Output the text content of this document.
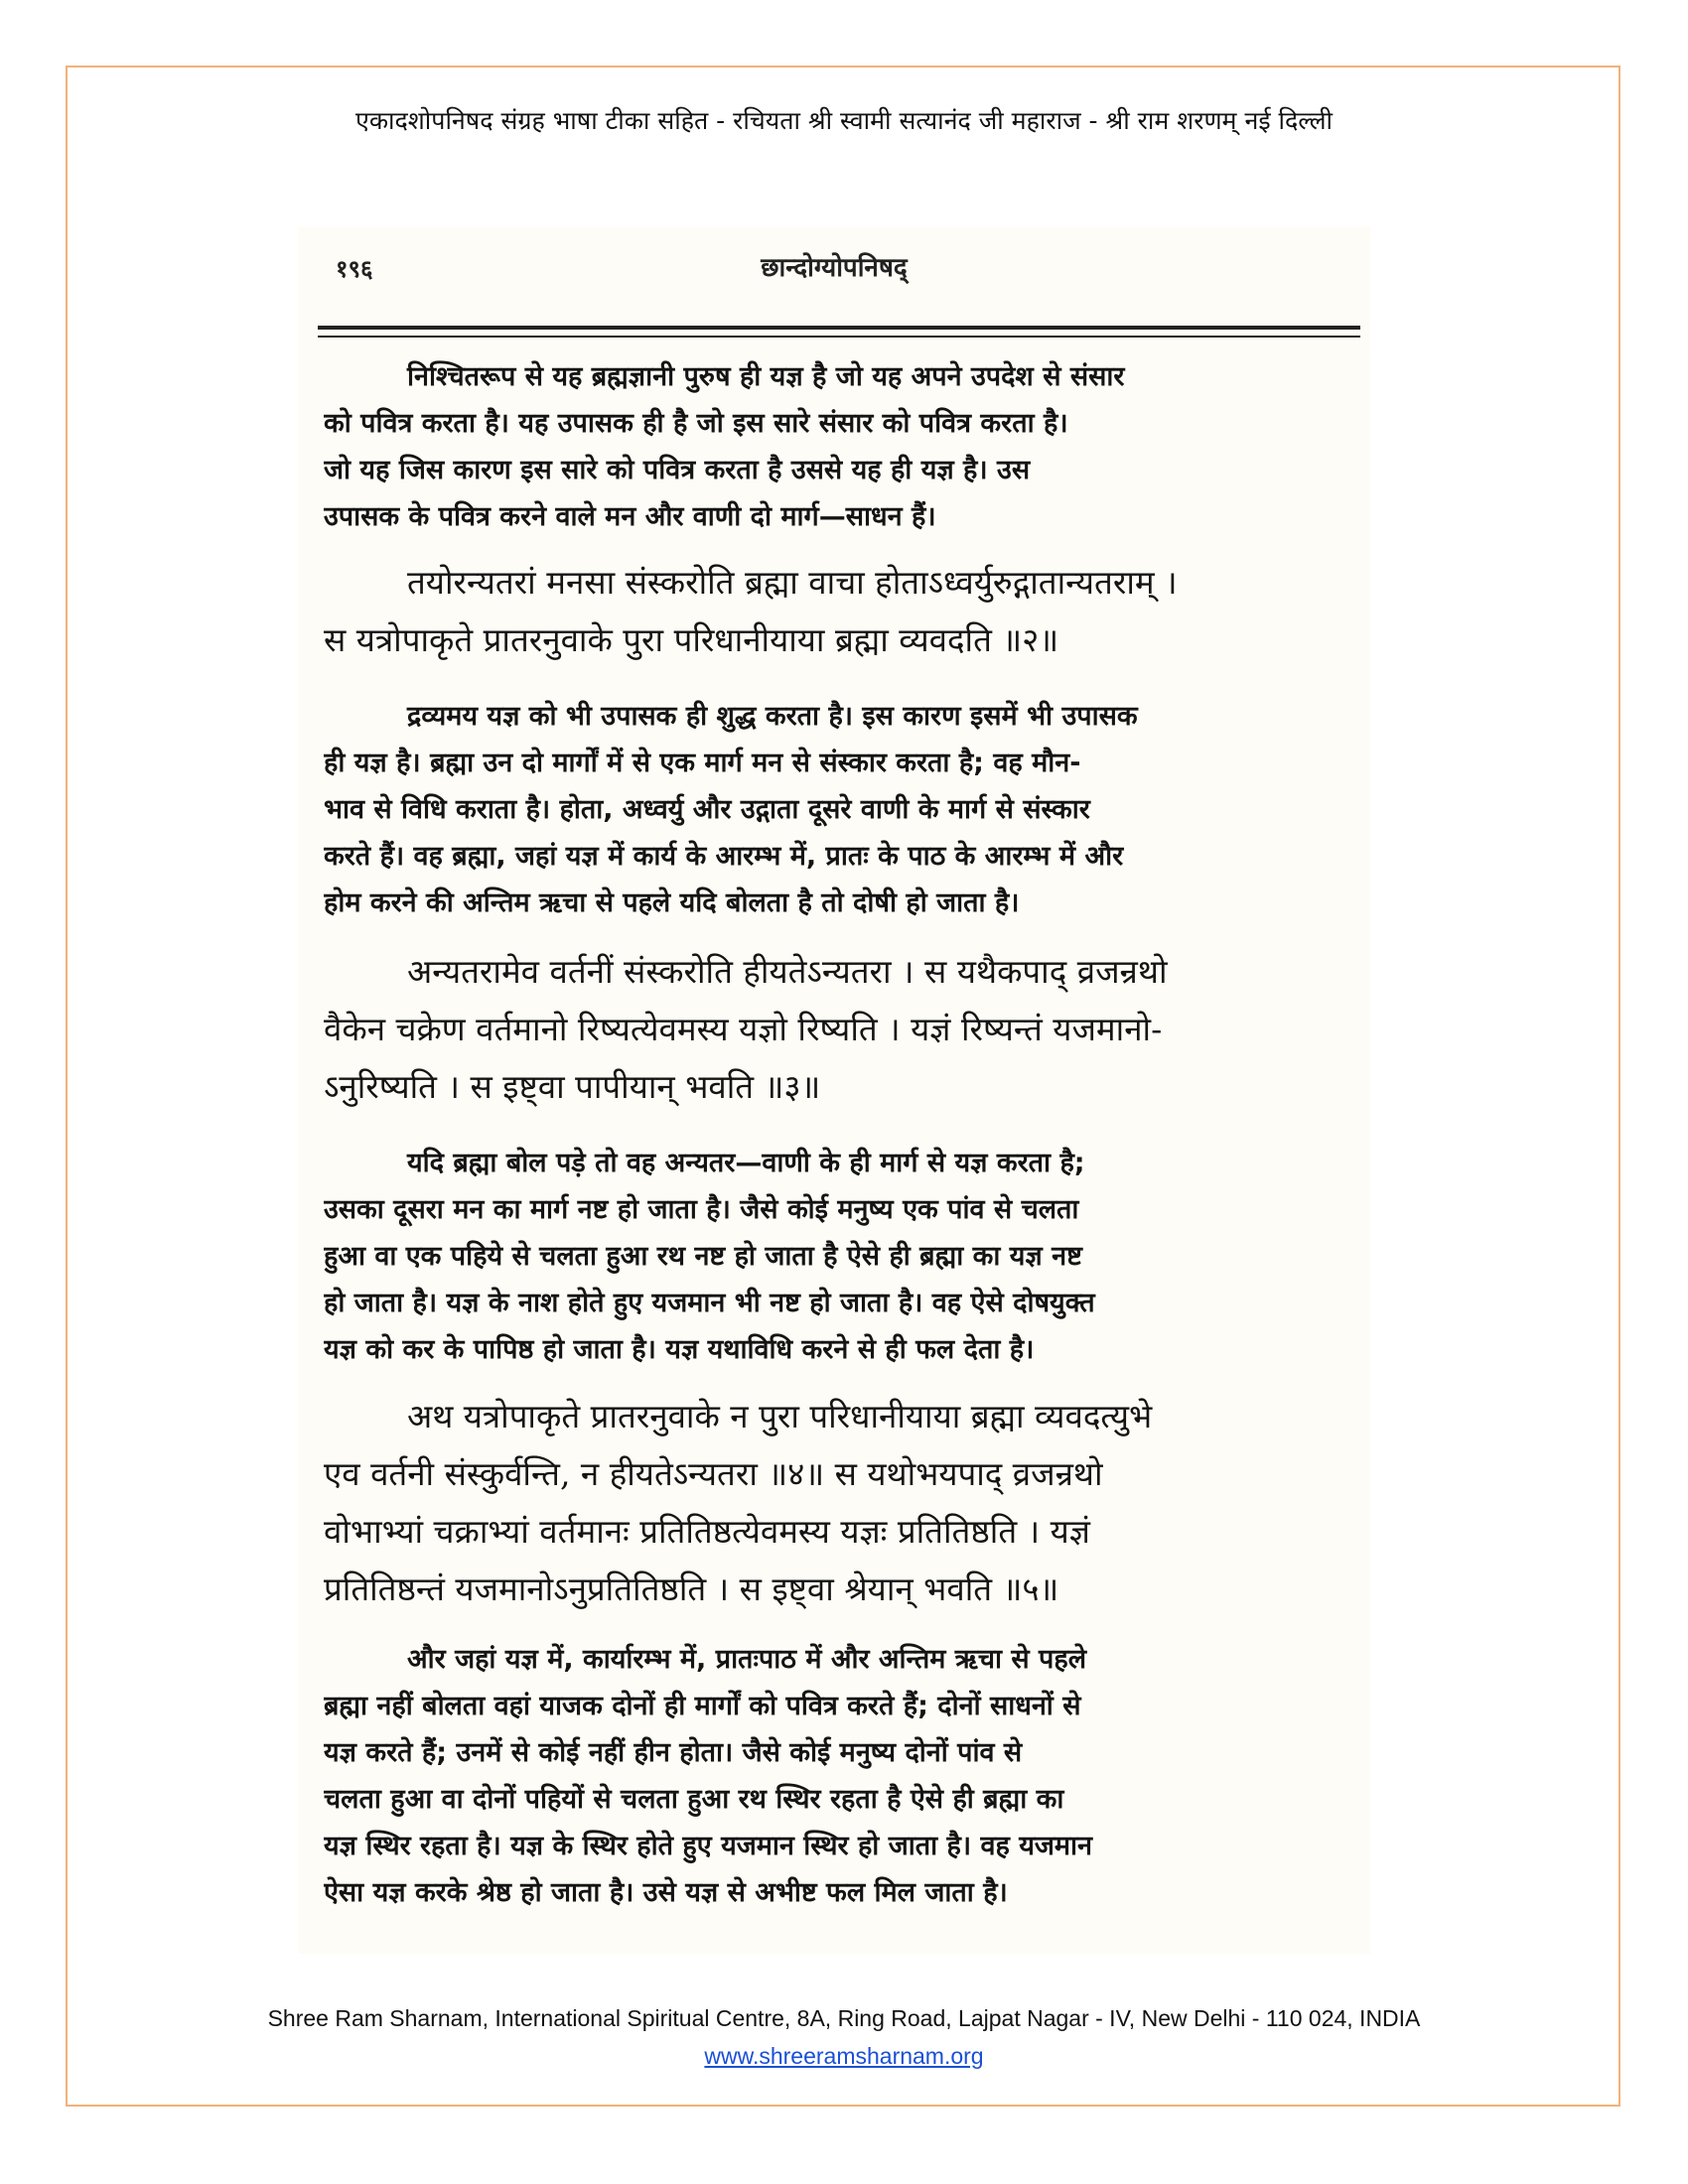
एकादशोपनिषद संग्रह भाषा टीका सहित - रचियता श्री स्वामी सत्यानंद जी महाराज - श्री राम शरणम् नई दिल्ली
१९६	छान्दोग्योपनिषद्
निश्चितरूप से यह ब्रह्मज्ञानी पुरुष ही यज्ञ है जो यह अपने उपदेश से संसार
को पवित्र करता है। यह उपासक ही है जो इस सारे संसार को पवित्र करता है।
जो यह जिस कारण इस सारे को पवित्र करता है उससे यह ही यज्ञ है। उस
उपासक के पवित्र करने वाले मन और वाणी दो मार्ग—साधन हैं।
तयोरन्यतरां मनसा संस्करोति ब्रह्मा वाचा होताऽध्वर्युरुद्गातान्यतराम् ।
स यत्रोपाकृते प्रातरनुवाके पुरा परिधानीयाया ब्रह्मा व्यवदति ॥२॥
द्रव्यमय यज्ञ को भी उपासक ही शुद्ध करता है। इस कारण इसमें भी उपासक
ही यज्ञ है। ब्रह्मा उन दो मार्गों में से एक मार्ग मन से संस्कार करता है; वह मौन-
भाव से विधि कराता है। होता, अध्वर्यु और उद्गाता दूसरे वाणी के मार्ग से संस्कार
करते हैं। वह ब्रह्मा, जहां यज्ञ में कार्य के आरम्भ में, प्रातः के पाठ के आरम्भ में और
होम करने की अन्तिम ऋचा से पहले यदि बोलता है तो दोषी हो जाता है।
अन्यतरामेव वर्तनीं संस्करोति हीयतेऽन्यतरा । स यथैकपाद् व्रजन्रथो
वैकेन चक्रेण वर्तमानो रिष्यत्येवमस्य यज्ञो रिष्यति । यज्ञं रिष्यन्तं यजमानो-
ऽनुरिष्यति । स इष्ट्वा पापीयान् भवति ॥३॥
यदि ब्रह्मा बोल पड़े तो वह अन्यतर—वाणी के ही मार्ग से यज्ञ करता है;
उसका दूसरा मन का मार्ग नष्ट हो जाता है। जैसे कोई मनुष्य एक पांव से चलता
हुआ वा एक पहिये से चलता हुआ रथ नष्ट हो जाता है ऐसे ही ब्रह्मा का यज्ञ नष्ट
हो जाता है। यज्ञ के नाश होते हुए यजमान भी नष्ट हो जाता है। वह ऐसे दोषयुक्त
यज्ञ को कर के पापिष्ठ हो जाता है। यज्ञ यथाविधि करने से ही फल देता है।
अथ यत्रोपाकृते प्रातरनुवाके न पुरा परिधानीयाया ब्रह्मा व्यवदत्युभे
एव वर्तनी संस्कुर्वन्ति, न हीयतेऽन्यतरा ॥४॥ स यथोभयपाद् व्रजन्रथो
वोभाभ्यां चक्राभ्यां वर्तमानः प्रतितिष्ठत्येवमस्य यज्ञः प्रतितिष्ठति । यज्ञं
प्रतितिष्ठन्तं यजमानोऽनुप्रतितिष्ठति । स इष्ट्वा श्रेयान् भवति ॥५॥
और जहां यज्ञ में, कार्यारम्भ में, प्रातःपाठ में और अन्तिम ऋचा से पहले
ब्रह्मा नहीं बोलता वहां याजक दोनों ही मार्गों को पवित्र करते हैं; दोनों साधनों से
यज्ञ करते हैं; उनमें से कोई नहीं हीन होता। जैसे कोई मनुष्य दोनों पांव से
चलता हुआ वा दोनों पहियों से चलता हुआ रथ स्थिर रहता है ऐसे ही ब्रह्मा का
यज्ञ स्थिर रहता है। यज्ञ के स्थिर होते हुए यजमान स्थिर हो जाता है। वह यजमान
ऐसा यज्ञ करके श्रेष्ठ हो जाता है। उसे यज्ञ से अभीष्ट फल मिल जाता है।
Shree Ram Sharnam, International Spiritual Centre, 8A, Ring Road, Lajpat Nagar - IV, New Delhi - 110 024, INDIA
www.shreeramsharnam.org
